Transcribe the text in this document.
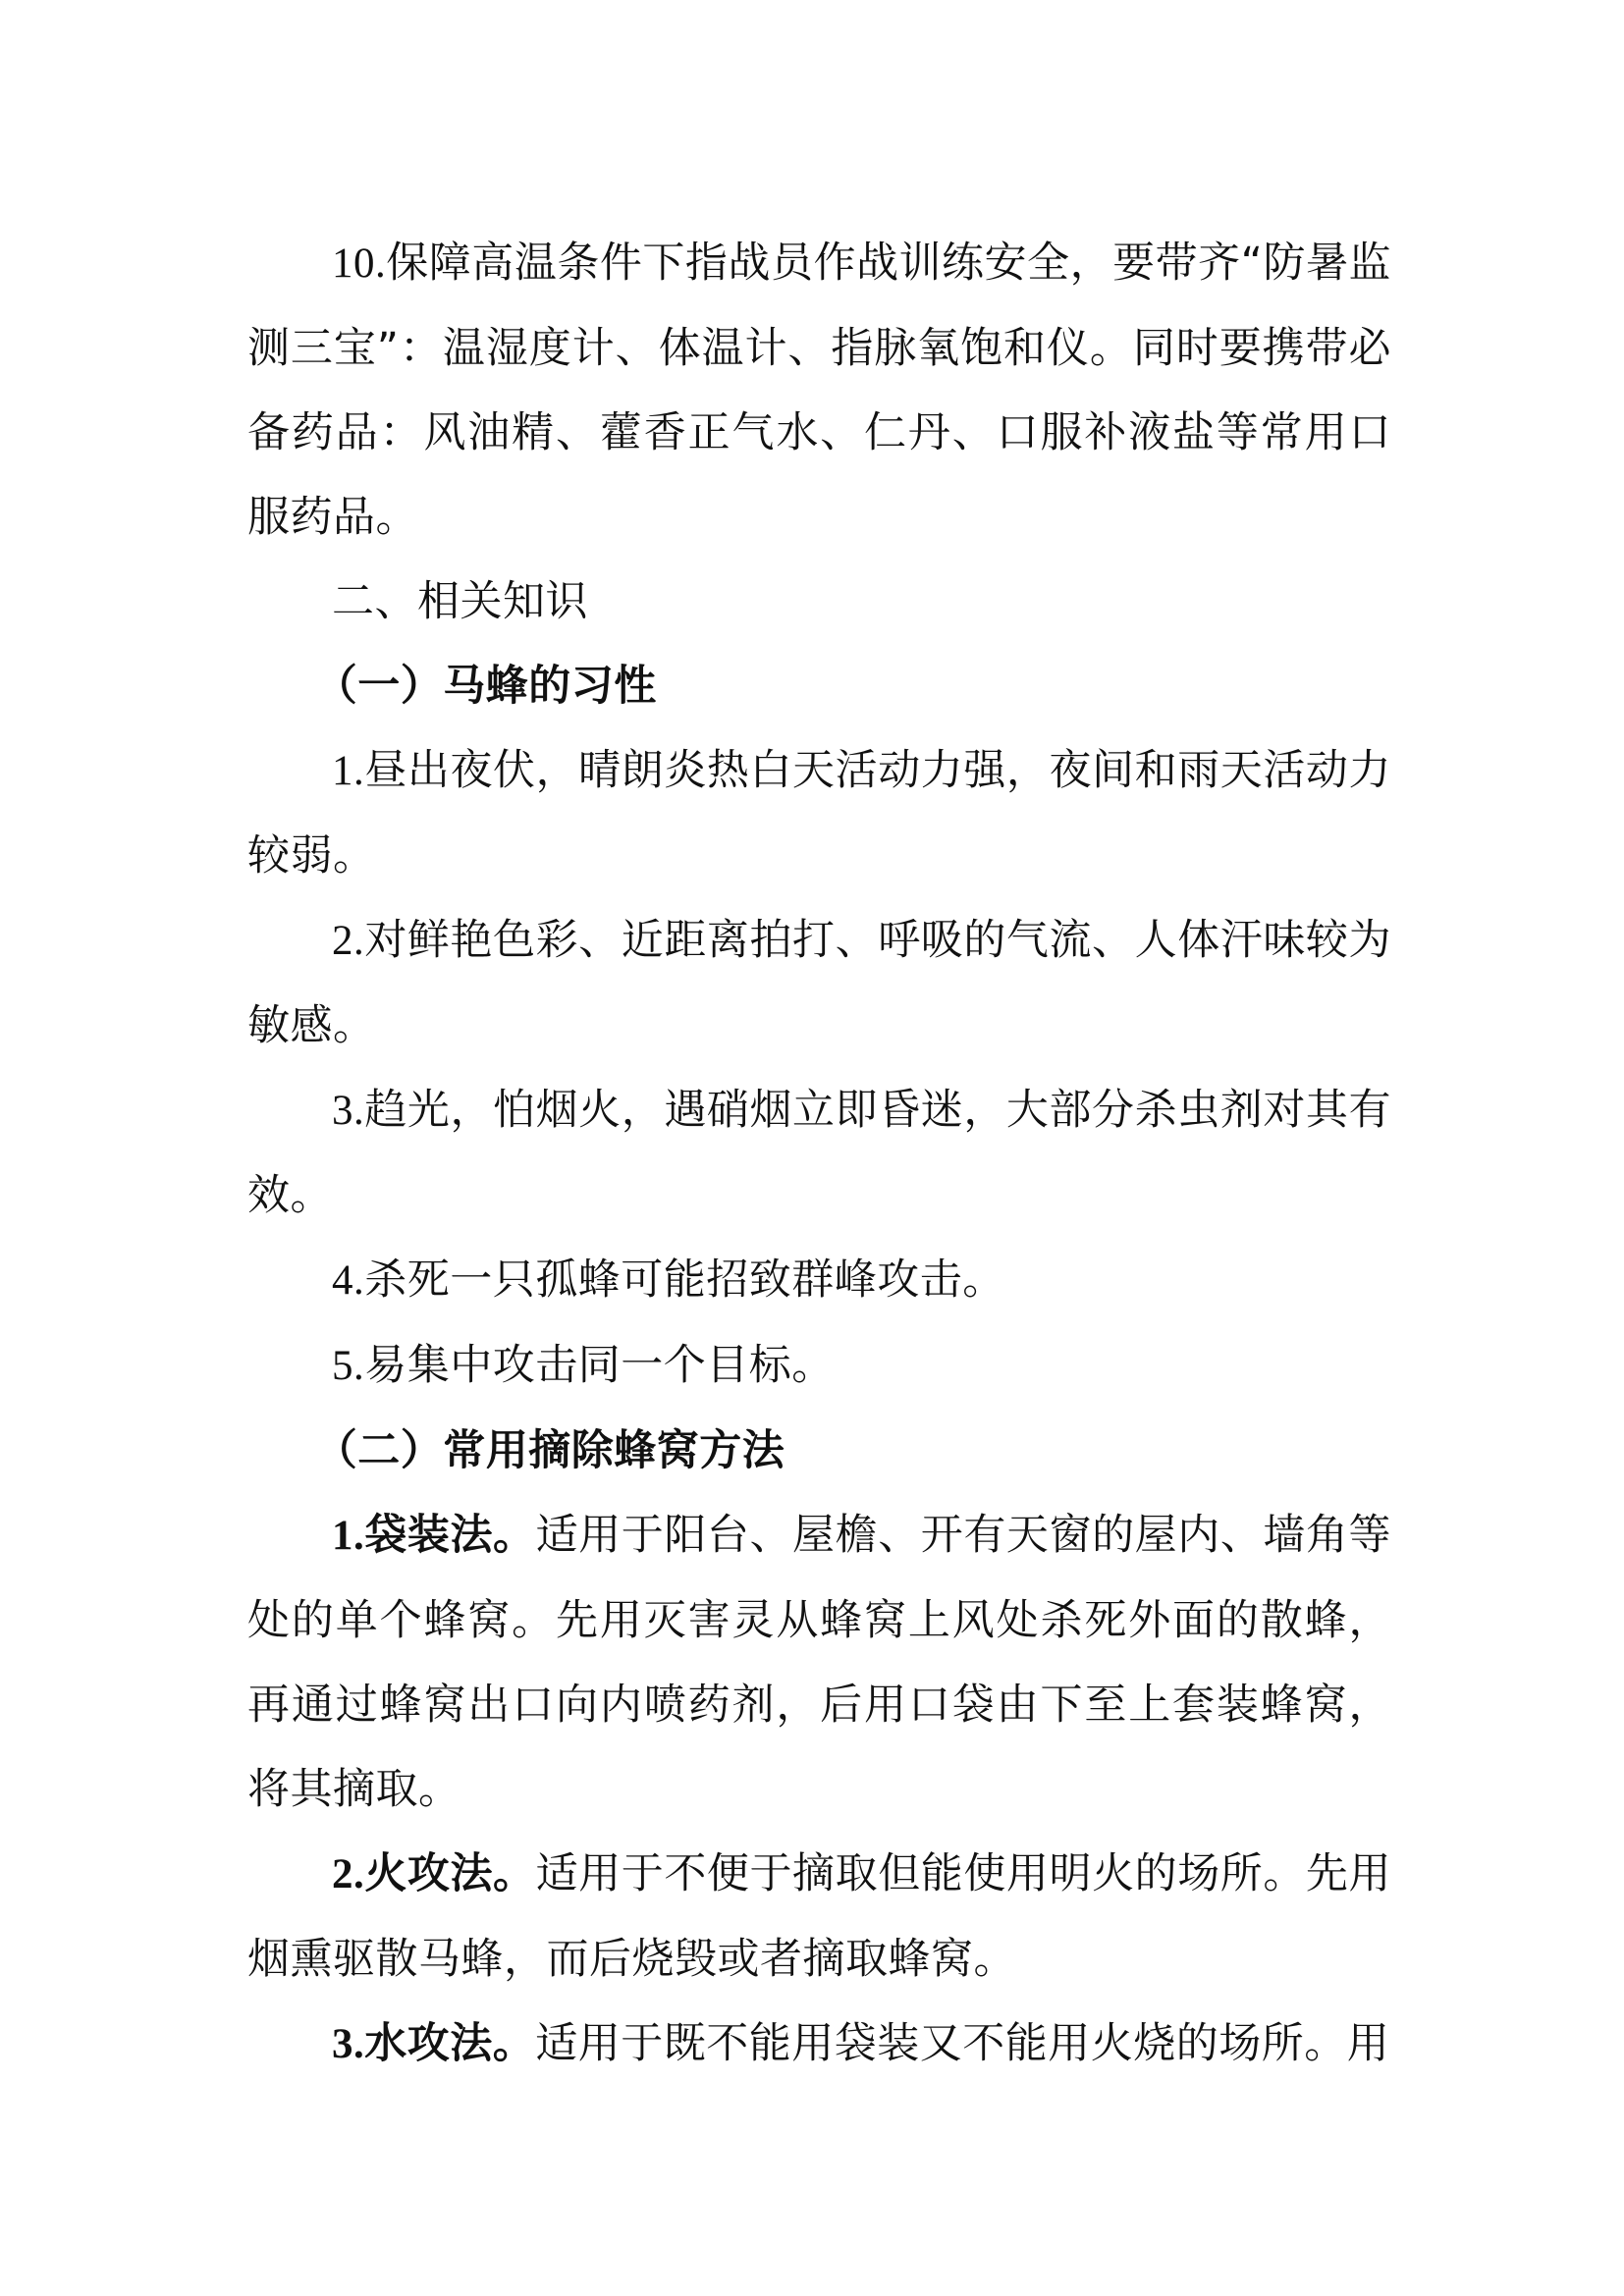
10.保障高温条件下指战员作战训练安全，要带齐“防暑监测三宝”：温湿度计、体温计、指脉氧饱和仪。同时要携带必备药品：风油精、藿香正气水、仁丹、口服补液盐等常用口服药品。

二、相关知识

（一）马蜂的习性

1.昼出夜伏，晴朗炎热白天活动力强，夜间和雨天活动力较弱。

2.对鲜艳色彩、近距离拍打、呼吸的气流、人体汗味较为敏感。

3.趋光，怕烟火，遇硝烟立即昏迷，大部分杀虫剂对其有效。

4.杀死一只孤蜂可能招致群峰攻击。

5.易集中攻击同一个目标。

（二）常用摘除蜂窝方法

1.袋装法。适用于阳台、屋檐、开有天窗的屋内、墙角等处的单个蜂窝。先用灭害灵从蜂窝上风处杀死外面的散蜂，再通过蜂窝出口向内喷药剂，后用口袋由下至上套装蜂窝，将其摘取。

2.火攻法。适用于不便于摘取但能使用明火的场所。先用烟熏驱散马蜂，而后烧毁或者摘取蜂窝。

3.水攻法。适用于既不能用袋装又不能用火烧的场所。用
